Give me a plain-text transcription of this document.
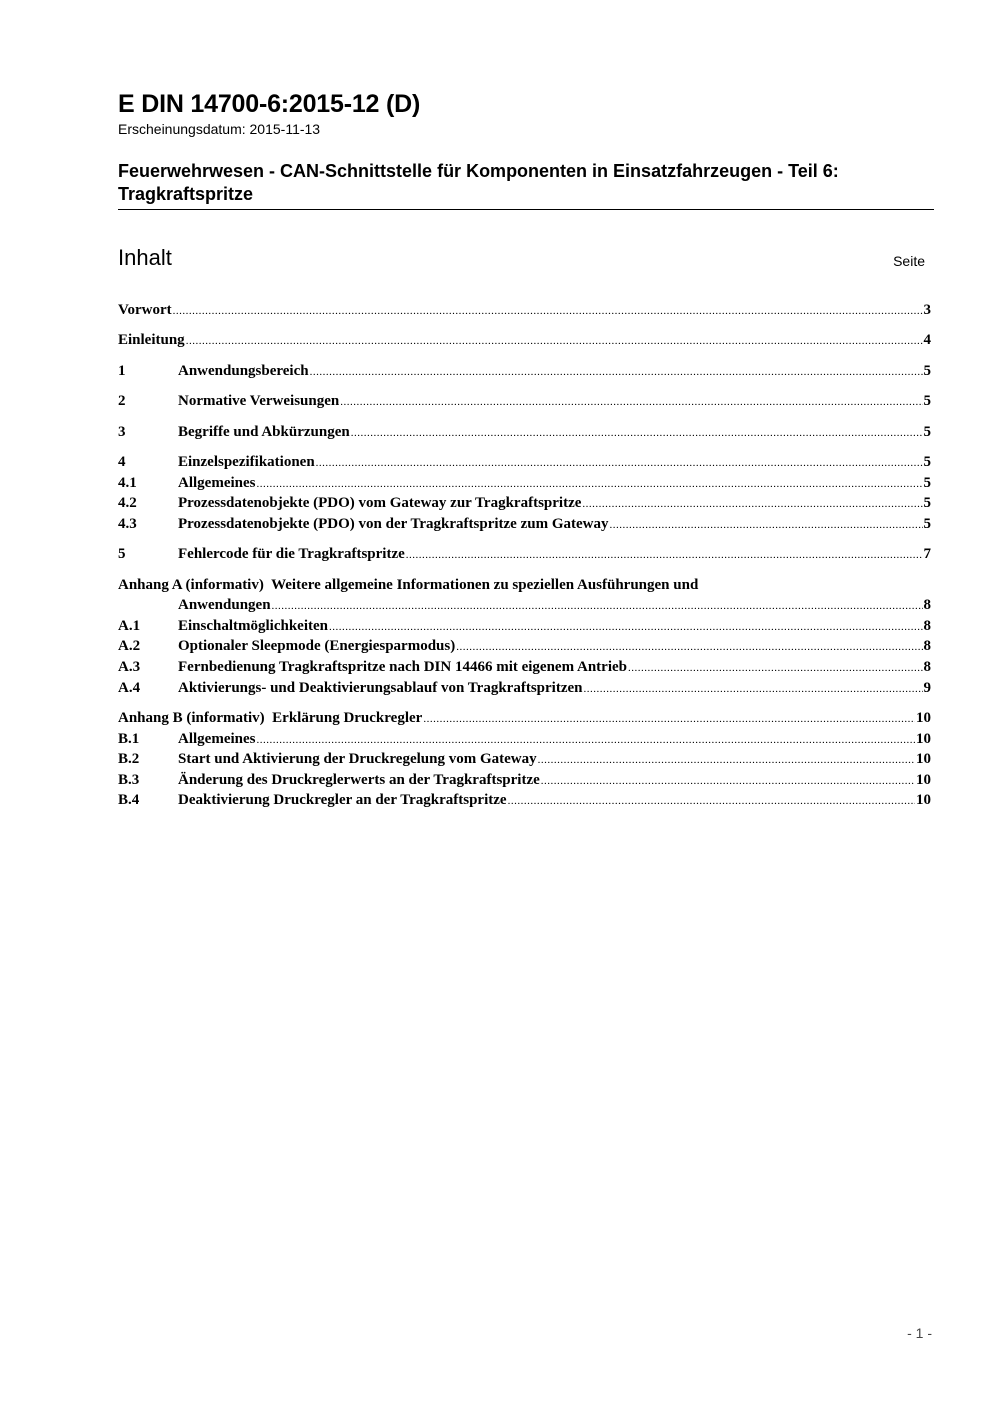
E DIN 14700-6:2015-12 (D)
Erscheinungsdatum: 2015-11-13
Feuerwehrwesen - CAN-Schnittstelle für Komponenten in Einsatzfahrzeugen - Teil 6: Tragkraftspritze
Inhalt	Seite
Vorwort .....	3
Einleitung .....	4
1	Anwendungsbereich .....	5
2	Normative Verweisungen .....	5
3	Begriffe und Abkürzungen .....	5
4	Einzelspezifikationen .....	5
4.1	Allgemeines .....	5
4.2	Prozessdatenobjekte (PDO) vom Gateway zur Tragkraftspritze .....	5
4.3	Prozessdatenobjekte (PDO) von der Tragkraftspritze zum Gateway .....	5
5	Fehlercode für die Tragkraftspritze .....	7
Anhang A (informativ)  Weitere allgemeine Informationen zu speziellen Ausführungen und
Anwendungen .....	8
A.1	Einschaltmöglichkeiten .....	8
A.2	Optionaler Sleepmode (Energiesparmodus) .....	8
A.3	Fernbedienung Tragkraftspritze nach DIN 14466 mit eigenem Antrieb .....	8
A.4	Aktivierungs- und Deaktivierungsablauf von Tragkraftspritzen .....	9
Anhang B (informativ)  Erklärung Druckregler .....	10
B.1	Allgemeines .....	10
B.2	Start und Aktivierung der Druckregelung vom Gateway .....	10
B.3	Änderung des Druckreglerwerts an der Tragkraftspritze .....	10
B.4	Deaktivierung Druckregler an der Tragkraftspritze .....	10
- 1 -
